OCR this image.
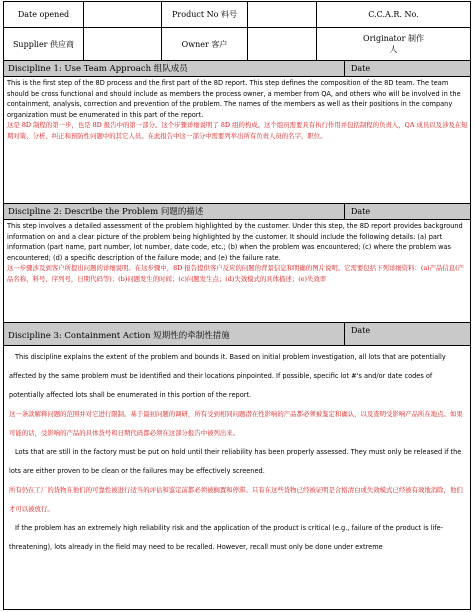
Date opened	Product No 料号	C.C.A.R. No.
Supplier 供应商	Owner 客户
Originator 制作
人
Discipline 1: Use Team Approach 组队成员	Date

This is the first step of the 8D process and the first part of the 8D report. This step defines the composition of the 8D team. The team should be cross functional and should include as members the process owner, a member from QA, and others who will be involved in the containment, analysis, correction and prevention of the problem. The names of the members as well as their positions in the company organization must be enumerated in this part of the report.

这是 8D 制程的第一步，也是 8D 报告中的第一部分。这个步骤详细说明了 8D 组的构成。这个组员需要具有执行作用并包括制程的负责人，QA 成员以及涉及在短期对策、分析、纠正和预防性问题中的其它人员。在此报告中这一部分中需要列举出所有负责人员的名字，职位。

Discipline 2: Describe the Problem 问题的描述	Date

This step involves a detailed assessment of the problem highlighted by the customer. Under this step, the 8D report provides background information on and a clear picture of the problem being highlighted by the customer. It should include the following details: (a) part information (part name, part number, lot number, date code, etc.; (b) when the problem was encountered; (c) where the problem was encountered; (d) a specific description of the failure mode; and (e) the failure rate.

这一步骤涉及到客户所提出问题的详细说明。在这步骤中，8D 报告提供客户反应的问题的背景信息和明确的图片说明。它需要包括下列详细资料：(a)产品信息(产品名称，料号，序列号，日期代码等)；(b)问题发生的时间；(c)问题发生点；(d)失效模式的具体描述；(e)失效率

Discipline 3: Containment Action 短期性的牵制性措施
Date

This discipline explains the extent of the problem and bounds it. Based on initial problem investigation, all lots that are potentially affected by the same problem must be identified and their locations pinpointed. If possible, specific lot #'s and/or date codes of potentially affected lots shall be enumerated in this portion of the report.

这一条款解释问题的范围并对它进行限制。基于最初问题的调研，所有受到相同问题潜在性影响的产品都必须被鉴定和确认，以及查明受影响产品所在地点。如果可能的话，受影响的产品的具体货号和日期代码都必须在这部分报告中被列出来。

Lots that are still in the factory must be put on hold until their reliability has been properly assessed. They must only be released if the lots are either proven to be clean or the failures may be effectively screened.

所有仍在工厂的货物在他们的可靠性被进行适当的评估和鉴定前都必须被搁置和停滞。只有在这些货物已经被证明是合格清白或失效模式已经被有效地消除，他们才可以被放行。

If the problem has an extremely high reliability risk and the application of the product is critical (e.g., failure of the product is life-threatening), lots already in the field may need to be recalled. However, recall must only be done under extreme
